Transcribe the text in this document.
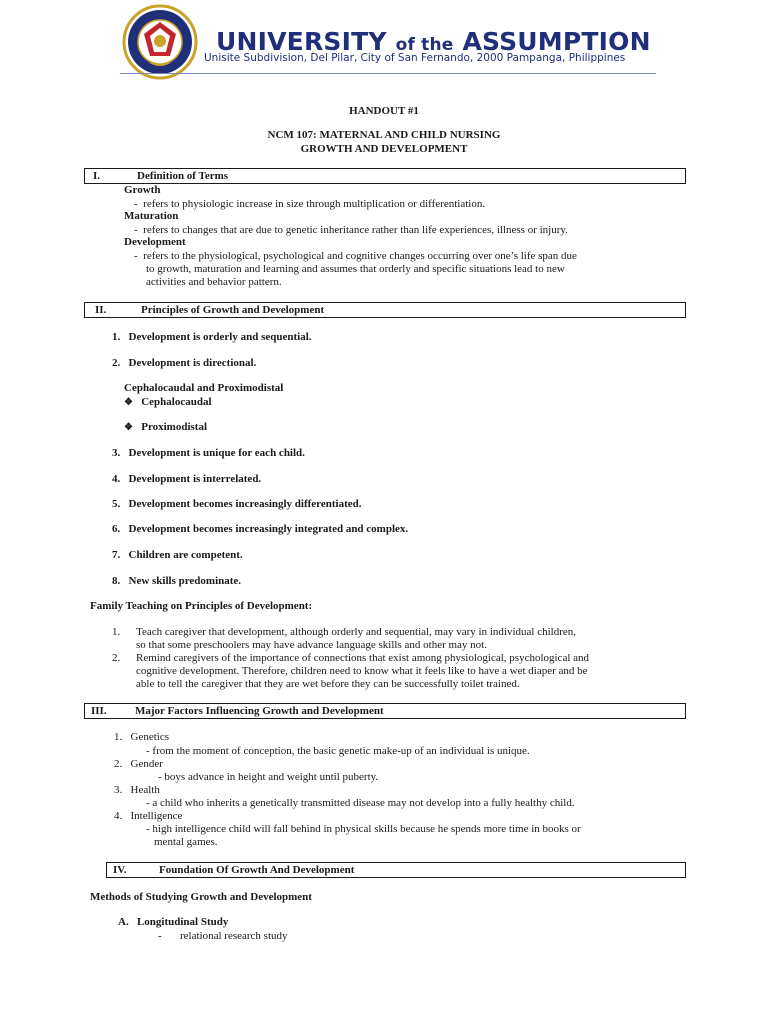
UNIVERSITY of the ASSUMPTION
Unisite Subdivision, Del Pilar, City of San Fernando, 2000 Pampanga, Philippines
HANDOUT #1
NCM 107: MATERNAL AND CHILD NURSING
GROWTH AND DEVELOPMENT
I.	Definition of Terms
Growth
- refers to physiologic increase in size through multiplication or differentiation.
Maturation
- refers to changes that are due to genetic inheritance rather than life experiences, illness or injury.
Development
- refers to the physiological, psychological and cognitive changes occurring over one’s life span due
to growth, maturation and learning and assumes that orderly and specific situations lead to new
activities and behavior pattern.
II.	Principles of Growth and Development
1. Development is orderly and sequential.
2. Development is directional.
Cephalocaudal and Proximodistal
❖ Cephalocaudal
❖ Proximodistal
3. Development is unique for each child.
4. Development is interrelated.
5. Development becomes increasingly differentiated.
6. Development becomes increasingly integrated and complex.
7. Children are competent.
8. New skills predominate.
Family Teaching on Principles of Development:
1. Teach caregiver that development, although orderly and sequential, may vary in individual children,
so that some preschoolers may have advance language skills and other may not.
2. Remind caregivers of the importance of connections that exist among physiological, psychological and
cognitive development. Therefore, children need to know what it feels like to have a wet diaper and be
able to tell the caregiver that they are wet before they can be successfully toilet trained.
III.	Major Factors Influencing Growth and Development
1. Genetics
- from the moment of conception, the basic genetic make-up of an individual is unique.
2. Gender
- boys advance in height and weight until puberty.
3. Health
- a child who inherits a genetically transmitted disease may not develop into a fully healthy child.
4. Intelligence
- high intelligence child will fall behind in physical skills because he spends more time in books or
mental games.
IV.	Foundation Of Growth And Development
Methods of Studying Growth and Development
A. Longitudinal Study
- relational research study
